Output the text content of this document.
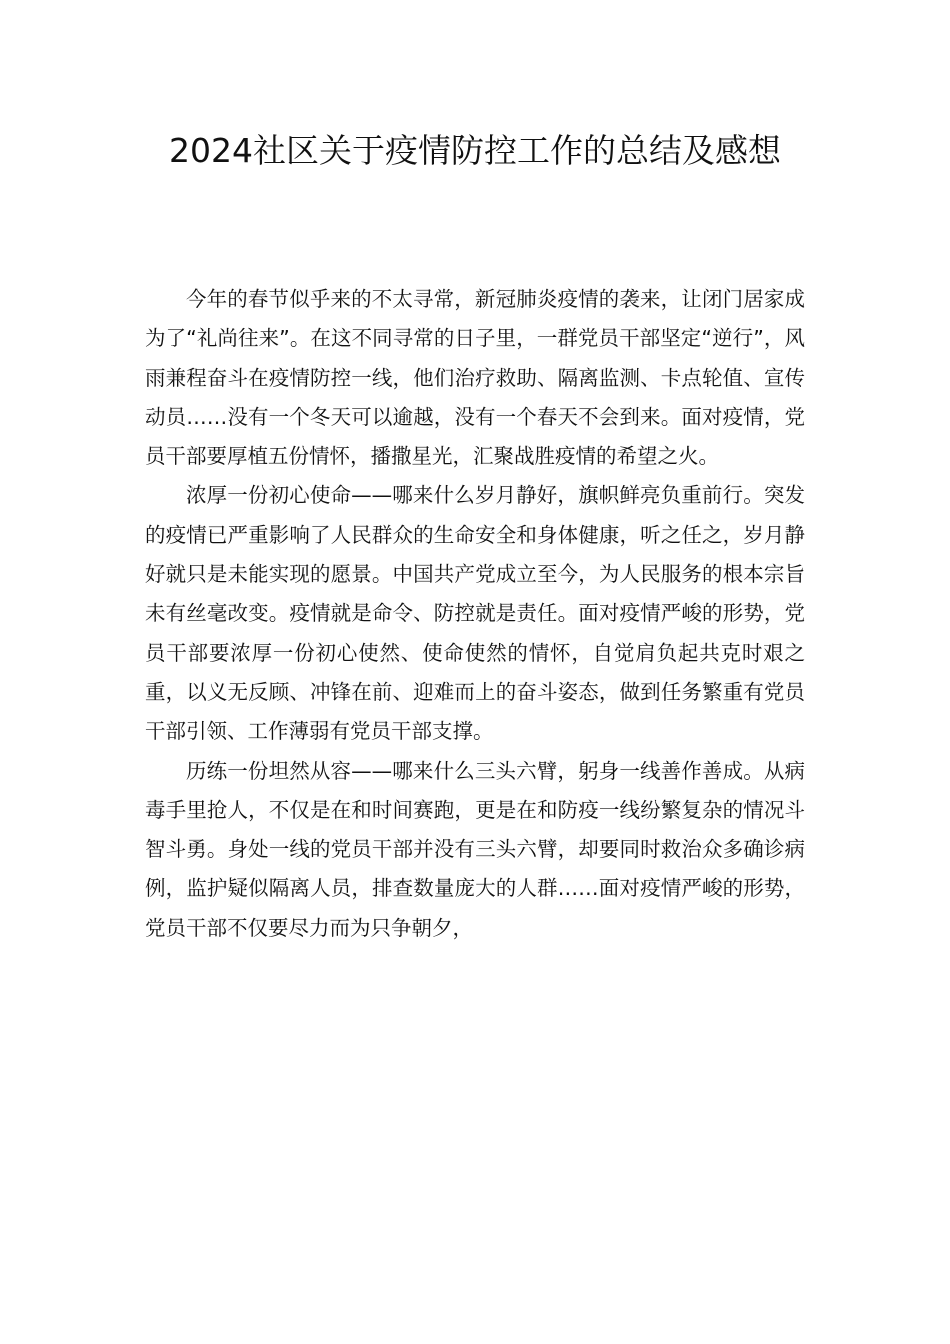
2024社区关于疫情防控工作的总结及感想

今年的春节似乎来的不太寻常，新冠肺炎疫情的袭来，让闭门居家成为了“礼尚往来”。在这不同寻常的日子里，一群党员干部坚定“逆行”，风雨兼程奋斗在疫情防控一线，他们治疗救助、隔离监测、卡点轮值、宣传动员……没有一个冬天可以逾越，没有一个春天不会到来。面对疫情，党员干部要厚植五份情怀，播撒星光，汇聚战胜疫情的希望之火。

浓厚一份初心使命——哪来什么岁月静好，旗帜鲜亮负重前行。突发的疫情已严重影响了人民群众的生命安全和身体健康，听之任之，岁月静好就只是未能实现的愿景。中国共产党成立至今，为人民服务的根本宗旨未有丝毫改变。疫情就是命令、防控就是责任。面对疫情严峻的形势，党员干部要浓厚一份初心使然、使命使然的情怀，自觉肩负起共克时艰之重，以义无反顾、冲锋在前、迎难而上的奋斗姿态，做到任务繁重有党员干部引领、工作薄弱有党员干部支撑。

历练一份坦然从容——哪来什么三头六臂，躬身一线善作善成。从病毒手里抢人，不仅是在和时间赛跑，更是在和防疫一线纷繁复杂的情况斗智斗勇。身处一线的党员干部并没有三头六臂，却要同时救治众多确诊病例，监护疑似隔离人员，排查数量庞大的人群……面对疫情严峻的形势，党员干部不仅要尽力而为只争朝夕，
